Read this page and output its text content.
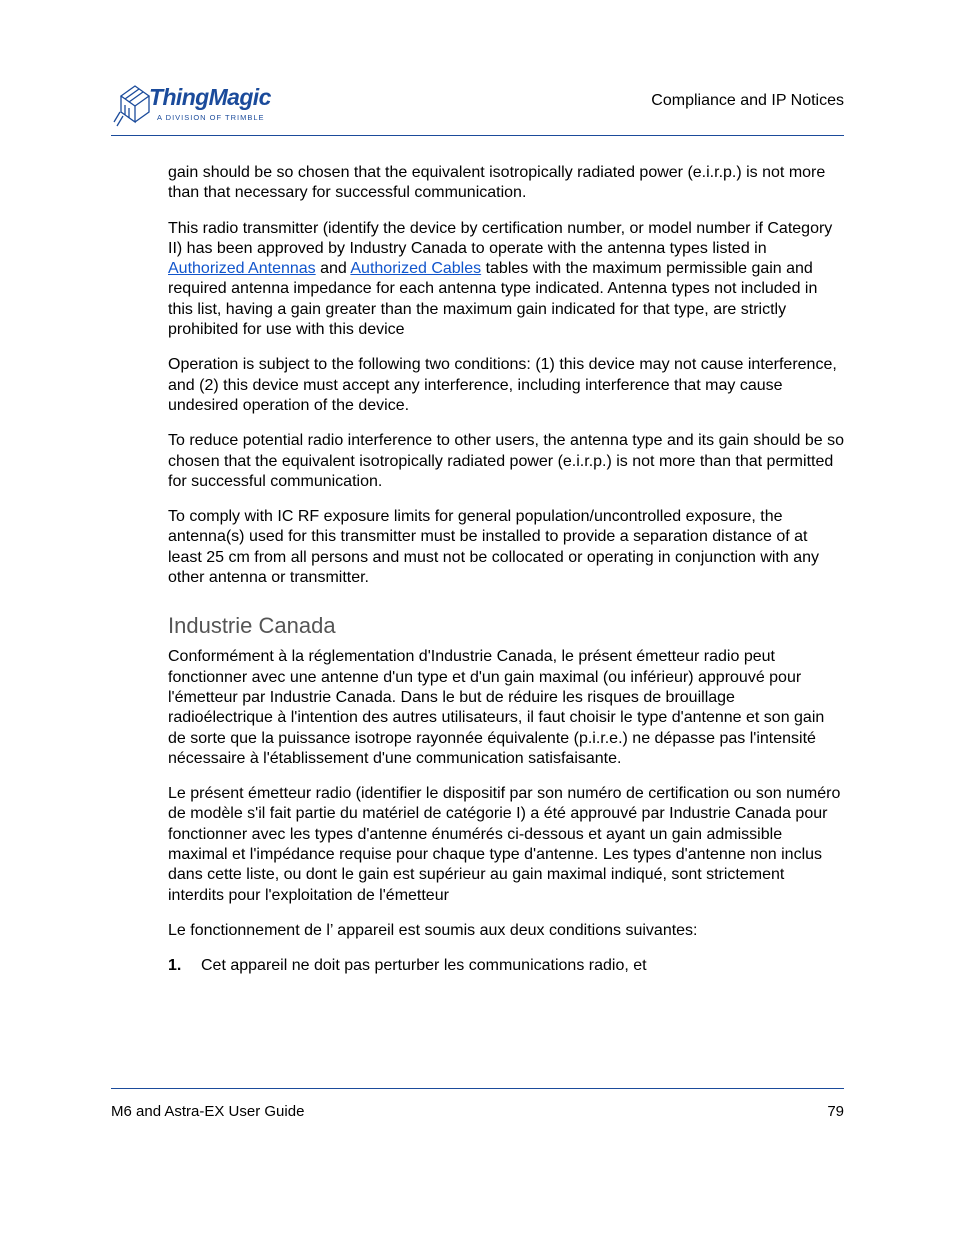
ThingMagic
A DIVISION OF TRIMBLE
Compliance and IP Notices

gain should be so chosen that the equivalent isotropically radiated power (e.i.r.p.) is not more than that necessary for successful communication.

This radio transmitter (identify the device by certification number, or model number if Category II) has been approved by Industry Canada to operate with the antenna types listed in Authorized Antennas and Authorized Cables tables with the maximum permissible gain and required antenna impedance for each antenna type indicated. Antenna types not included in this list, having a gain greater than the maximum gain indicated for that type, are strictly prohibited for use with this device

Operation is subject to the following two conditions: (1) this device may not cause interference, and (2) this device must accept any interference, including interference that may cause undesired operation of the device.

To reduce potential radio interference to other users, the antenna type and its gain should be so chosen that the equivalent isotropically radiated power (e.i.r.p.) is not more than that permitted for successful communication.

To comply with IC RF exposure limits for general population/uncontrolled exposure, the antenna(s) used for this transmitter must be installed to provide a separation distance of at least 25 cm from all persons and must not be collocated or operating in conjunction with any other antenna or transmitter.

Industrie Canada

Conformément à la réglementation d'Industrie Canada, le présent émetteur radio peut fonctionner avec une antenne d'un type et d'un gain maximal (ou inférieur) approuvé pour l'émetteur par Industrie Canada. Dans le but de réduire les risques de brouillage radioélectrique à l'intention des autres utilisateurs, il faut choisir le type d'antenne et son gain de sorte que la puissance isotrope rayonnée équivalente (p.i.r.e.) ne dépasse pas l'intensité nécessaire à l'établissement d'une communication satisfaisante.

Le présent émetteur radio (identifier le dispositif par son numéro de certification ou son numéro de modèle s'il fait partie du matériel de catégorie I) a été approuvé par Industrie Canada pour fonctionner avec les types d'antenne énumérés ci-dessous et ayant un gain admissible maximal et l'impédance requise pour chaque type d'antenne. Les types d'antenne non inclus dans cette liste, ou dont le gain est supérieur au gain maximal indiqué, sont strictement interdits pour l'exploitation de l'émetteur

Le fonctionnement de l’ appareil est soumis aux deux conditions suivantes:

1.	Cet appareil ne doit pas perturber les communications radio, et
M6 and Astra-EX User Guide	79
